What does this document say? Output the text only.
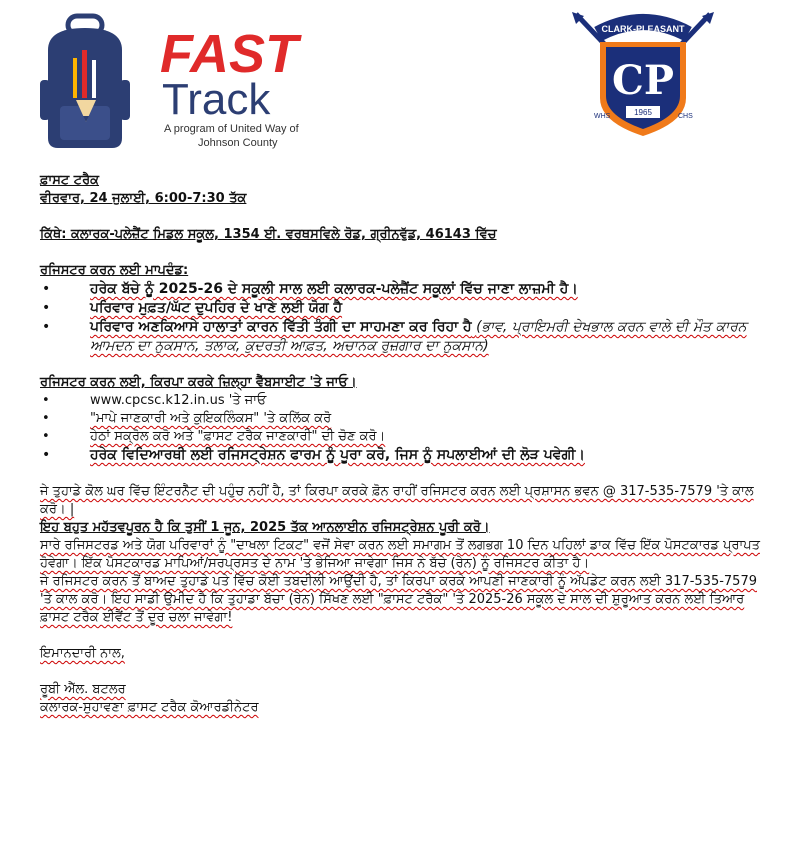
FAST
Track
A program of United Way of
Johnson County
CLARK-PLEASANT
CP
1965
WHS	CHS

ਫ਼ਾਸਟ ਟਰੈਕ

ਵੀਰਵਾਰ, 24 ਜੁਲਾਈ, 6:00-7:30 ਤੱਕ

ਕਿੱਥੇ: ਕਲਾਰਕ-ਪਲੇਜ਼ੈਂਟ ਮਿਡਲ ਸਕੂਲ, 1354 ਈ. ਵਰਥਸਵਿਲੇ ਰੋਡ, ਗ੍ਰੀਨਵੁੱਡ, 46143 ਵਿੱਚ

ਰਜਿਸਟਰ ਕਰਨ ਲਈ ਮਾਪਦੰਡ:

•	ਹਰੇਕ ਬੱਚੇ ਨੂੰ 2025-26 ਦੇ ਸਕੂਲੀ ਸਾਲ ਲਈ ਕਲਾਰਕ-ਪਲੇਜ਼ੈਂਟ ਸਕੂਲਾਂ ਵਿੱਚ ਜਾਣਾ ਲਾਜ਼ਮੀ ਹੈ।
•	ਪਰਿਵਾਰ ਮੁਫ਼ਤ/ਘੱਟ ਦੁਪਹਿਰ ਦੇ ਖਾਣੇ ਲਈ ਯੋਗ ਹੈ
•	ਪਰਿਵਾਰ ਅਣਕਿਆਸੇ ਹਾਲਾਤਾਂ ਕਾਰਨ ਵਿੱਤੀ ਤੰਗੀ ਦਾ ਸਾਹਮਣਾ ਕਰ ਰਿਹਾ ਹੈ (ਭਾਵ, ਪ੍ਰਾਇਮਰੀ ਦੇਖਭਾਲ ਕਰਨ ਵਾਲੇ ਦੀ ਮੌਤ ਕਾਰਨ ਆਮਦਨ ਦਾ ਨੁਕਸਾਨ, ਤਲਾਕ, ਕੁਦਰਤੀ ਆਫ਼ਤ, ਅਚਾਨਕ ਰੁਜ਼ਗਾਰ ਦਾ ਨੁਕਸਾਨ)

ਰਜਿਸਟਰ ਕਰਨ ਲਈ, ਕਿਰਪਾ ਕਰਕੇ ਜ਼ਿਲ੍ਹਾ ਵੈੱਬਸਾਈਟ 'ਤੇ ਜਾਓ।

•	www.cpcsc.k12.in.us 'ਤੇ ਜਾਓ
•	"ਮਾਪੇ ਜਾਣਕਾਰੀ ਅਤੇ ਕੁਇਕਲਿੰਕਸ" 'ਤੇ ਕਲਿੱਕ ਕਰੋ
•	ਹੇਠਾਂ ਸਕ੍ਰੋਲ ਕਰੋ ਅਤੇ "ਫ਼ਾਸਟ ਟਰੈਕ ਜਾਣਕਾਰੀ" ਦੀ ਚੋਣ ਕਰੋ।
•	ਹਰੇਕ ਵਿਦਿਆਰਥੀ ਲਈ ਰਜਿਸਟ੍ਰੇਸ਼ਨ ਫਾਰਮ ਨੂੰ ਪੂਰਾ ਕਰੋ, ਜਿਸ ਨੂੰ ਸਪਲਾਈਆਂ ਦੀ ਲੋੜ ਪਵੇਗੀ।

ਜੇ ਤੁਹਾਡੇ ਕੋਲ ਘਰ ਵਿੱਚ ਇੰਟਰਨੈੱਟ ਦੀ ਪਹੁੰਚ ਨਹੀਂ ਹੈ, ਤਾਂ ਕਿਰਪਾ ਕਰਕੇ ਫ਼ੋਨ ਰਾਹੀਂ ਰਜਿਸਟਰ ਕਰਨ ਲਈ ਪ੍ਰਸ਼ਾਸਨ ਭਵਨ @ 317-535-7579 'ਤੇ ਕਾਲ ਕਰੋ। |

ਇਹ ਬਹੁਤ ਮਹੱਤਵਪੂਰਨ ਹੈ ਕਿ ਤੁਸੀਂ 1 ਜੂਨ, 2025 ਤੱਕ ਆਨਲਾਈਨ ਰਜਿਸਟ੍ਰੇਸ਼ਨ ਪੂਰੀ ਕਰੋ।

ਸਾਰੇ ਰਜਿਸਟਰਡ ਅਤੇ ਯੋਗ ਪਰਿਵਾਰਾਂ ਨੂੰ "ਦਾਖਲਾ ਟਿਕਟ" ਵਜੋਂ ਸੇਵਾ ਕਰਨ ਲਈ ਸਮਾਗਮ ਤੋਂ ਲਗਭਗ 10 ਦਿਨ ਪਹਿਲਾਂ ਡਾਕ ਵਿੱਚ ਇੱਕ ਪੋਸਟਕਾਰਡ ਪ੍ਰਾਪਤ ਹੋਵੇਗਾ। ਇੱਕ ਪੋਸਟਕਾਰਡ ਮਾਪਿਆਂ/ਸਰਪ੍ਰਸਤ ਦੇ ਨਾਮ 'ਤੇ ਭੇਜਿਆ ਜਾਵੇਗਾ ਜਿਸ ਨੇ ਬੱਚੇ (ਰੇਨ) ਨੂੰ ਰਜਿਸਟਰ ਕੀਤਾ ਹੈ।

ਜੇ ਰਜਿਸਟਰ ਕਰਨ ਤੋਂ ਬਾਅਦ ਤੁਹਾਡੇ ਪਤੇ ਵਿੱਚ ਕੋਈ ਤਬਦੀਲੀ ਆਉਂਦੀ ਹੈ, ਤਾਂ ਕਿਰਪਾ ਕਰਕੇ ਆਪਣੀ ਜਾਣਕਾਰੀ ਨੂੰ ਅੱਪਡੇਟ ਕਰਨ ਲਈ 317-535-7579 'ਤੇ ਕਾਲ ਕਰੋ। ਇਹ ਸਾਡੀ ਉਮੀਦ ਹੈ ਕਿ ਤੁਹਾਡਾ ਬੱਚਾ (ਰੇਨ) ਸਿੱਖਣ ਲਈ "ਫ਼ਾਸਟ ਟਰੈਕ" 'ਤੇ 2025-26 ਸਕੂਲ ਦੇ ਸਾਲ ਦੀ ਸ਼ੁਰੂਆਤ ਕਰਨ ਲਈ ਤਿਆਰ ਫ਼ਾਸਟ ਟਰੈਕ ਈਵੈਂਟ ਤੋਂ ਦੂਰ ਚਲਾ ਜਾਵੇਗਾ!

ਇਮਾਨਦਾਰੀ ਨਾਲ,

ਰੂਬੀ ਐੱਲ. ਬਟਲਰ

ਕਲਾਰਕ-ਸੁਹਾਵਣਾ ਫ਼ਾਸਟ ਟਰੈਕ ਕੋਆਰਡੀਨੇਟਰ
